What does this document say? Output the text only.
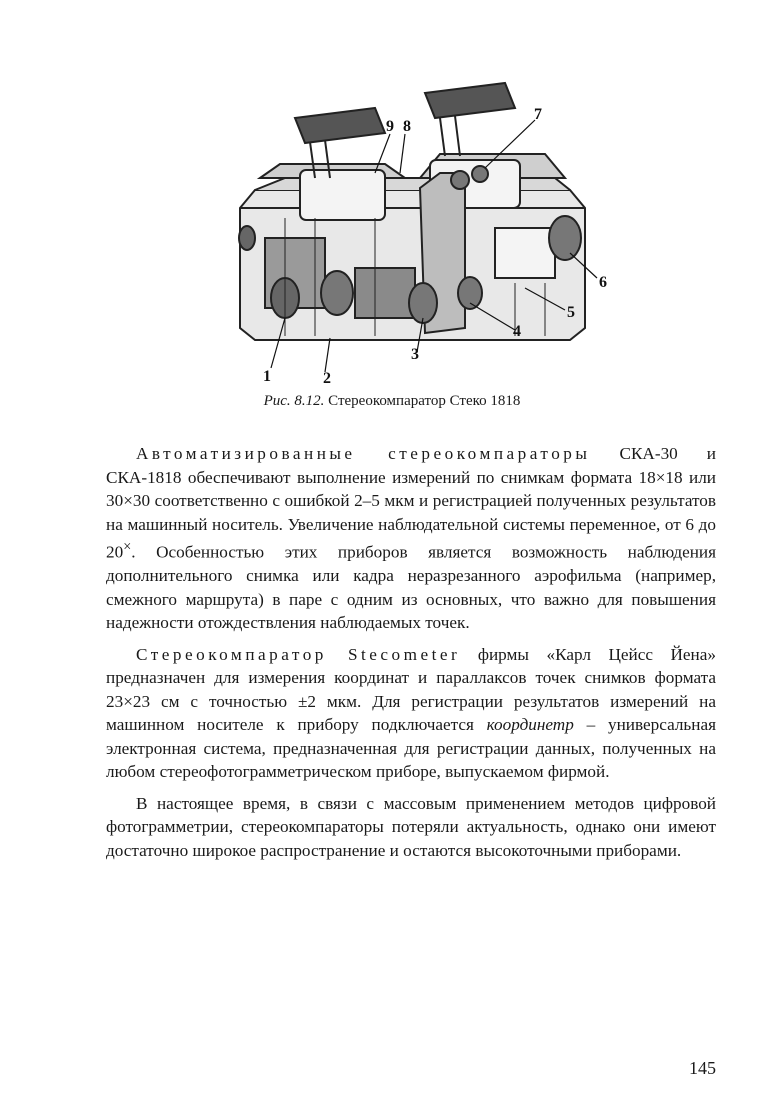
1	2
3
4
5
6
7
8
9
Рис. 8.12. Стереокомпаратор Стеко 1818

Автоматизированные стереокомпараторы СКА-30 и СКА-1818 обеспечивают выполнение измерений по снимкам формата 18×18 или 30×30 соответственно с ошибкой 2–5 мкм и регистрацией полученных результатов на машинный носитель. Увеличение наблюдательной системы переменное, от 6 до 20×. Особенностью этих приборов является возможность наблюдения дополнительного снимка или кадра неразрезанного аэрофильма (например, смежного маршрута) в паре с одним из основных, что важно для повышения надежности отождествления наблюдаемых точек.

Стереокомпаратор Stecometer фирмы «Карл Цейсс Йена» предназначен для измерения координат и параллаксов точек снимков формата 23×23 см с точностью ±2 мкм. Для регистрации результатов измерений на машинном носителе к прибору подключается координетр – универсальная электронная система, предназначенная для регистрации данных, полученных на любом стереофотограмметрическом приборе, выпускаемом фирмой.

В настоящее время, в связи с массовым применением методов цифровой фотограмметрии, стереокомпараторы потеряли актуальность, однако они имеют достаточно широкое распространение и остаются высокоточными приборами.

145
